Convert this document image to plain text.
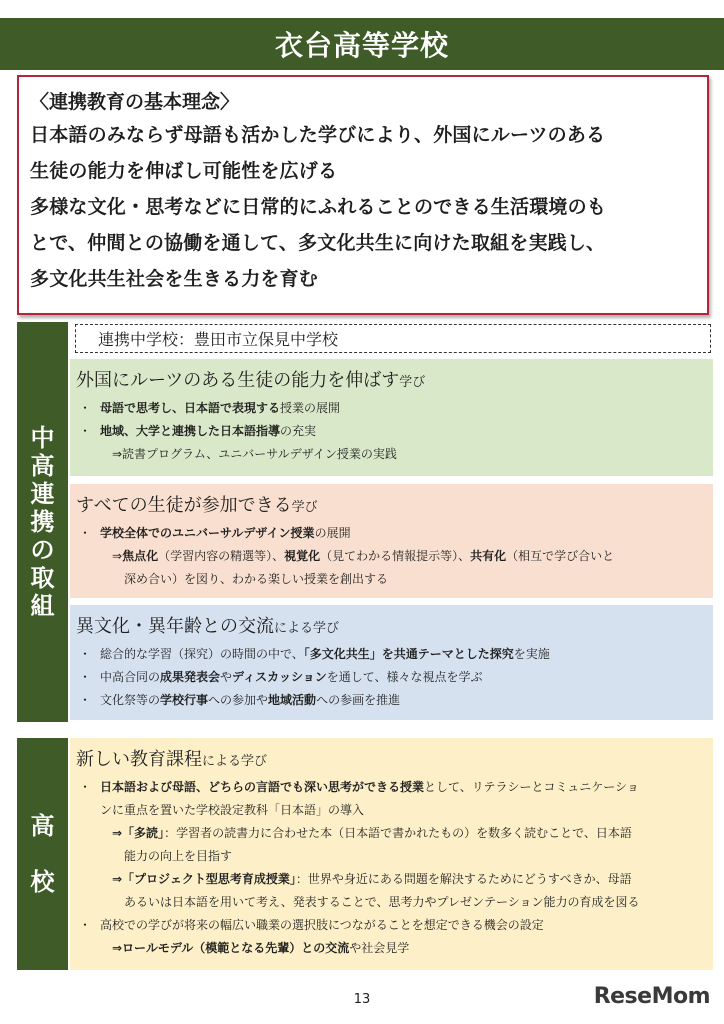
衣台高等学校
〈連携教育の基本理念〉
日本語のみならず母語も活かした学びにより、外国にルーツのある
生徒の能力を伸ばし可能性を広げる
多様な文化・思考などに日常的にふれることのできる生活環境のも
とで、仲間との協働を通して、多文化共生に向けた取組を実践し、
多文化共生社会を生きる力を育む
中
高
連
携
の
取
組
連携中学校：豊田市立保見中学校
外国にルーツのある生徒の能力を伸ばす学び
・ 母語で思考し、日本語で表現する授業の展開
・ 地域、大学と連携した日本語指導の充実
⇒読書プログラム、ユニバーサルデザイン授業の実践
すべての生徒が参加できる学び
・ 学校全体でのユニバーサルデザイン授業の展開
⇒焦点化（学習内容の精選等）、視覚化（見てわかる情報提示等）、共有化（相互で学び合いと
深め合い）を図り、わかる楽しい授業を創出する
異文化・異年齢との交流による学び
・ 総合的な学習（探究）の時間の中で、「多文化共生」を共通テーマとした探究を実施
・ 中高合同の成果発表会やディスカッションを通して、様々な視点を学ぶ
・ 文化祭等の学校行事への参加や地域活動への参画を推進
高
校
新しい教育課程による学び
・ 日本語および母語、どちらの言語でも深い思考ができる授業として、リテラシーとコミュニケーショ
ンに重点を置いた学校設定教科「日本語」の導入
⇒「多読」：学習者の読書力に合わせた本（日本語で書かれたもの）を数多く読むことで、日本語
能力の向上を目指す
⇒「プロジェクト型思考育成授業」：世界や身近にある問題を解決するためにどうすべきか、母語
あるいは日本語を用いて考え、発表することで、思考力やプレゼンテーション能力の育成を図る
・ 高校での学びが将来の幅広い職業の選択肢につながることを想定できる機会の設定
⇒ロールモデル（模範となる先輩）との交流や社会見学
13	ReseMom
